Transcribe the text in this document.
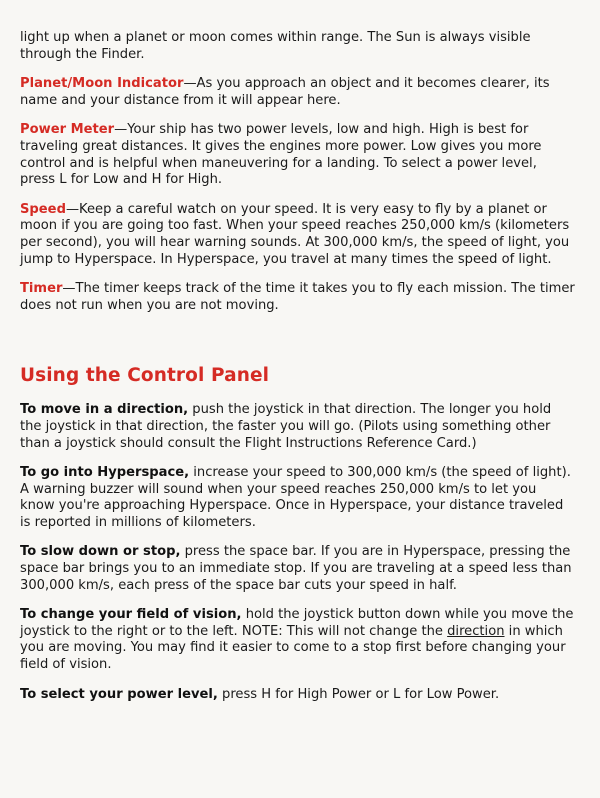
light up when a planet or moon comes within range. The Sun is always visible through the Finder.

Planet/Moon Indicator—As you approach an object and it becomes clearer, its name and your distance from it will appear here.

Power Meter—Your ship has two power levels, low and high. High is best for traveling great distances. It gives the engines more power. Low gives you more control and is helpful when maneuvering for a landing. To select a power level, press L for Low and H for High.

Speed—Keep a careful watch on your speed. It is very easy to fly by a planet or moon if you are going too fast. When your speed reaches 250,000 km/s (kilometers per second), you will hear warning sounds. At 300,000 km/s, the speed of light, you jump to Hyperspace. In Hyperspace, you travel at many times the speed of light.

Timer—The timer keeps track of the time it takes you to fly each mission. The timer does not run when you are not moving.

Using the Control Panel

To move in a direction, push the joystick in that direction. The longer you hold the joystick in that direction, the faster you will go. (Pilots using something other than a joystick should consult the Flight Instructions Reference Card.)

To go into Hyperspace, increase your speed to 300,000 km/s (the speed of light). A warning buzzer will sound when your speed reaches 250,000 km/s to let you know you're approaching Hyperspace. Once in Hyperspace, your distance traveled is reported in millions of kilometers.

To slow down or stop, press the space bar. If you are in Hyperspace, pressing the space bar brings you to an immediate stop. If you are traveling at a speed less than 300,000 km/s, each press of the space bar cuts your speed in half.

To change your field of vision, hold the joystick button down while you move the joystick to the right or to the left. NOTE: This will not change the direction in which you are moving. You may find it easier to come to a stop first before changing your field of vision.

To select your power level, press H for High Power or L for Low Power.
